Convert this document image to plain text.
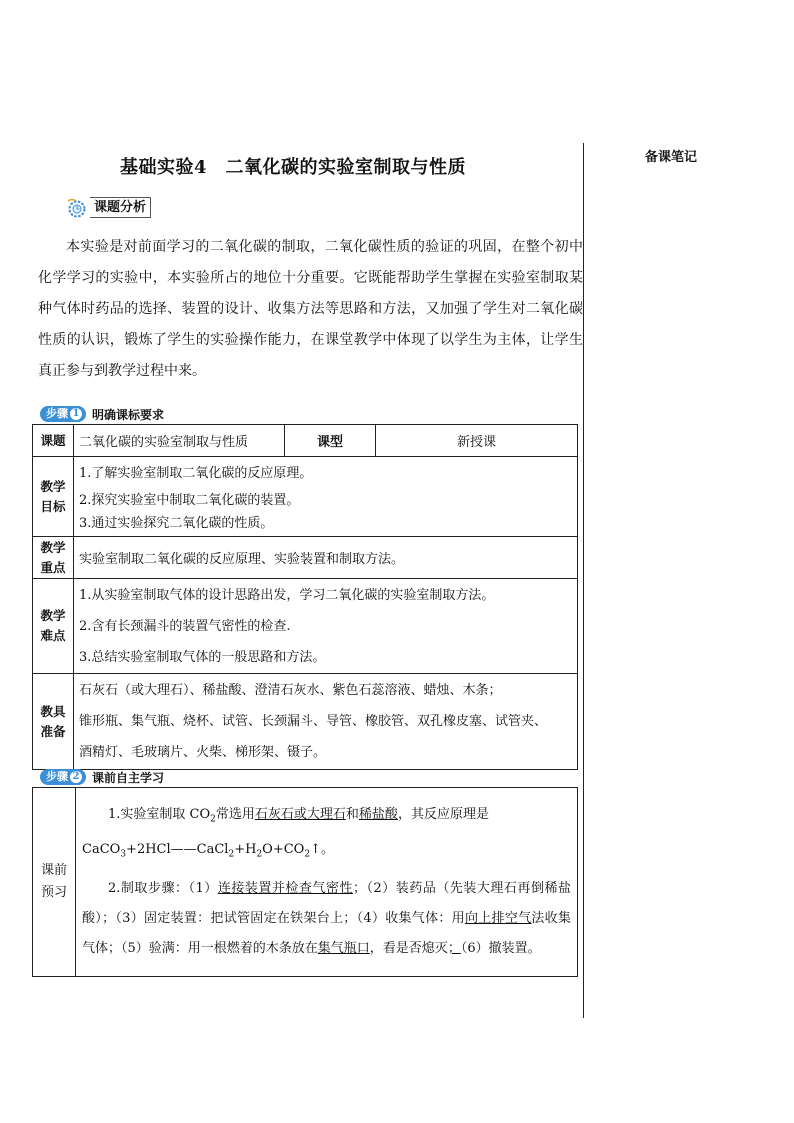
备课笔记
基础实验4　二氧化碳的实验室制取与性质
课题分析

本实验是对前面学习的二氧化碳的制取，二氧化碳性质的验证的巩固，在整个初中化学学习的实验中，本实验所占的地位十分重要。它既能帮助学生掌握在实验室制取某种气体时药品的选择、装置的设计、收集方法等思路和方法，又加强了学生对二氧化碳性质的认识，锻炼了学生的实验操作能力，在课堂教学中体现了以学生为主体，让学生真正参与到教学过程中来。

步骤 1 明确课标要求
课题	二氧化碳的实验室制取与性质	课型	新授课
教学目标	1.了解实验室制取二氧化碳的反应原理。
2.探究实验室中制取二氧化碳的装置。
3.通过实验探究二氧化碳的性质。		

教学重点	实验室制取二氧化碳的反应原理、实验装置和制取方法。		
教学难点	1.从实验室制取气体的设计思路出发，学习二氧化碳的实验室制取方法。
2.含有长颈漏斗的装置气密性的检查.
3.总结实验室制取气体的一般思路和方法。		

教具准备	石灰石（或大理石）、稀盐酸、澄清石灰水、紫色石蕊溶液、蜡烛、木条；
锥形瓶、集气瓶、烧杯、试管、长颈漏斗、导管、橡胶管、双孔橡皮塞、试管夹、
酒精灯、毛玻璃片、火柴、梯形架、镊子。		
步骤 2 课前自主学习
课前预习	
1.实验室制取 $CO_2$常选用石灰石或大理石和稀盐酸，其反应原理是
$CaCO_3+2HCl——CaCl_2+H_2O+CO_2↑$。
2.制取步骤：（1）连接装置并检查气密性；（2）装药品（先装大理石再倒稀盐酸）；（3）固定装置：把试管固定在铁架台上；（4）收集气体：用向上排空气法收集气体；（5）验满：用一根燃着的木条放在集气瓶口，看是否熄灭；（6）撤装置。
